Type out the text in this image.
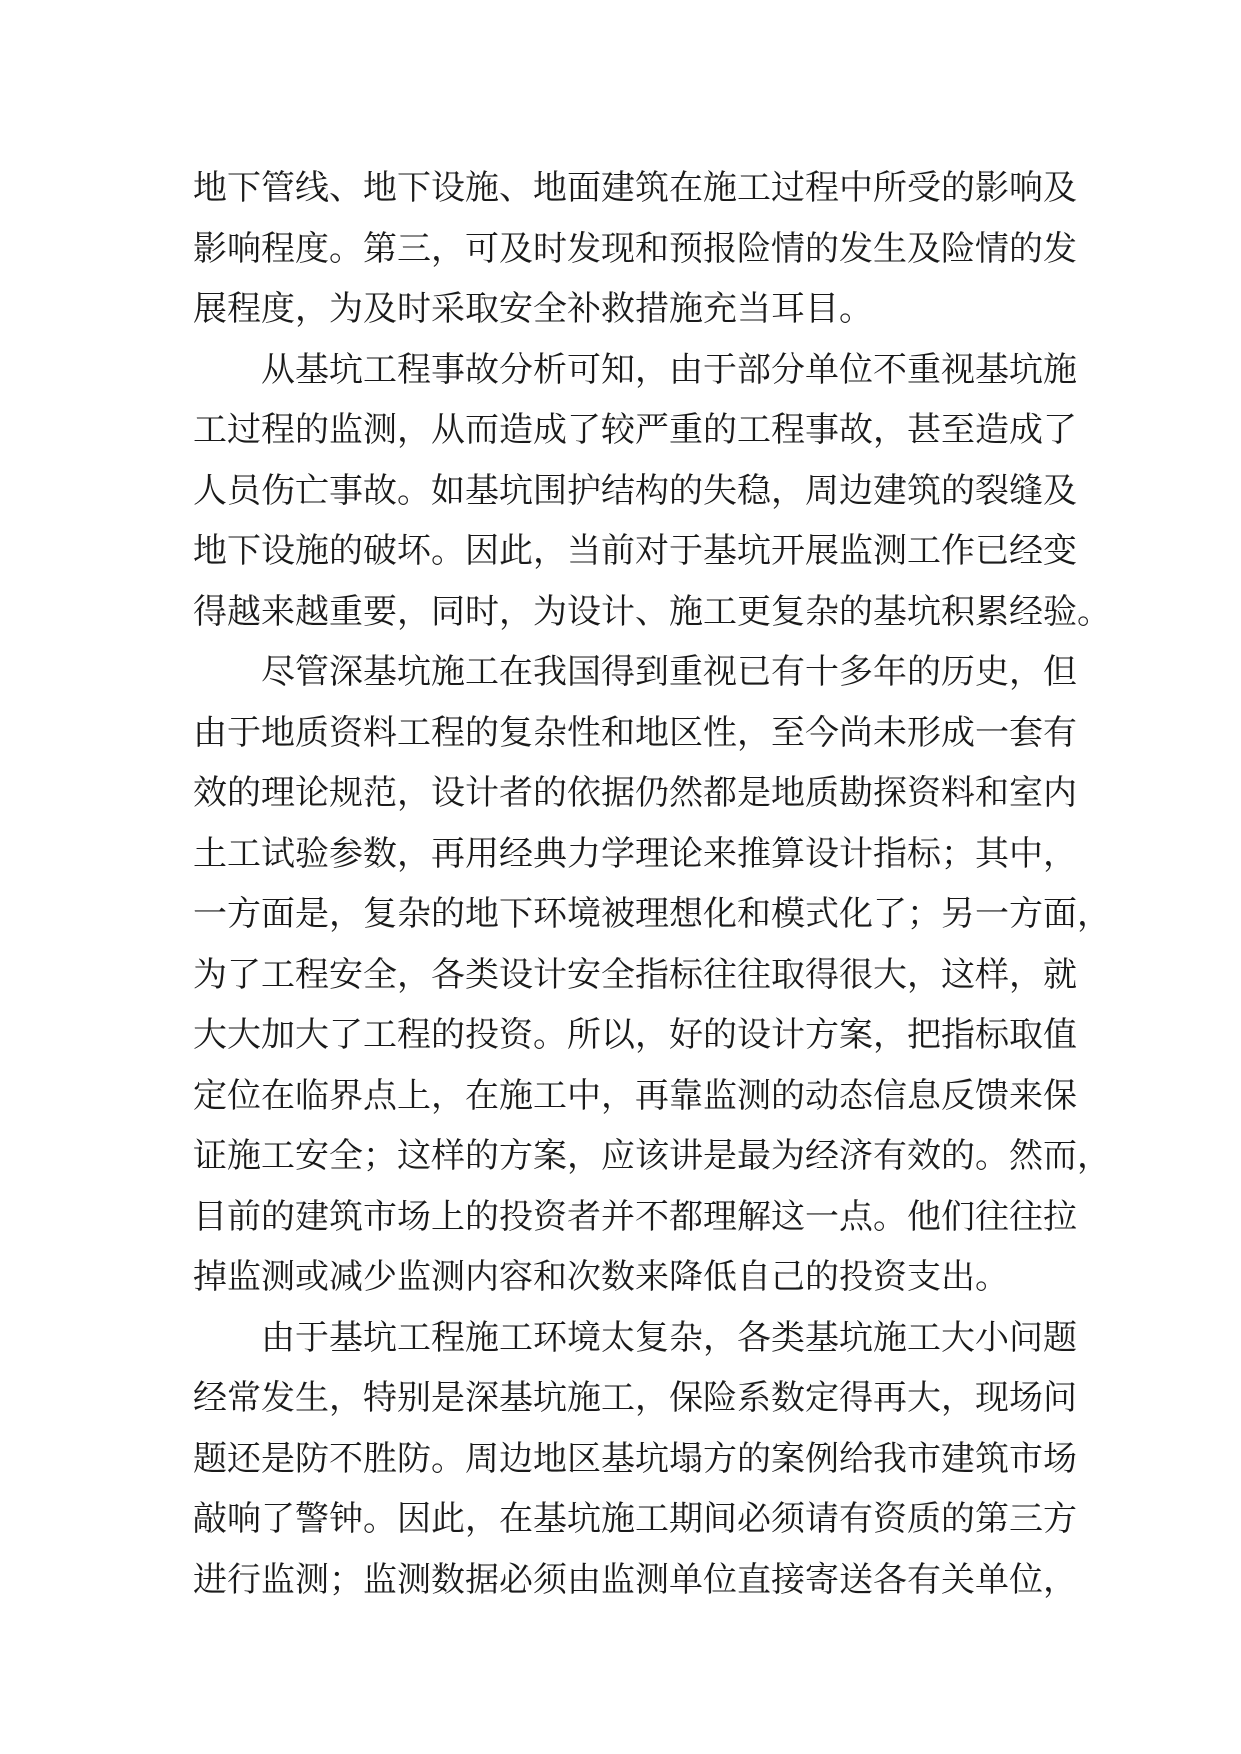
地下管线、地下设施、地面建筑在施工过程中所受的影响及
影响程度。第三，可及时发现和预报险情的发生及险情的发
展程度，为及时采取安全补救措施充当耳目。
从基坑工程事故分析可知，由于部分单位不重视基坑施
工过程的监测，从而造成了较严重的工程事故，甚至造成了
人员伤亡事故。如基坑围护结构的失稳，周边建筑的裂缝及
地下设施的破坏。因此，当前对于基坑开展监测工作已经变
得越来越重要，同时，为设计、施工更复杂的基坑积累经验。
尽管深基坑施工在我国得到重视已有十多年的历史，但
由于地质资料工程的复杂性和地区性，至今尚未形成一套有
效的理论规范，设计者的依据仍然都是地质勘探资料和室内
土工试验参数，再用经典力学理论来推算设计指标；其中，
一方面是，复杂的地下环境被理想化和模式化了；另一方面，
为了工程安全，各类设计安全指标往往取得很大，这样，就
大大加大了工程的投资。所以，好的设计方案，把指标取值
定位在临界点上，在施工中，再靠监测的动态信息反馈来保
证施工安全；这样的方案，应该讲是最为经济有效的。然而，
目前的建筑市场上的投资者并不都理解这一点。他们往往拉
掉监测或减少监测内容和次数来降低自己的投资支出。
由于基坑工程施工环境太复杂，各类基坑施工大小问题
经常发生，特别是深基坑施工，保险系数定得再大，现场问
题还是防不胜防。周边地区基坑塌方的案例给我市建筑市场
敲响了警钟。因此，在基坑施工期间必须请有资质的第三方
进行监测；监测数据必须由监测单位直接寄送各有关单位，
